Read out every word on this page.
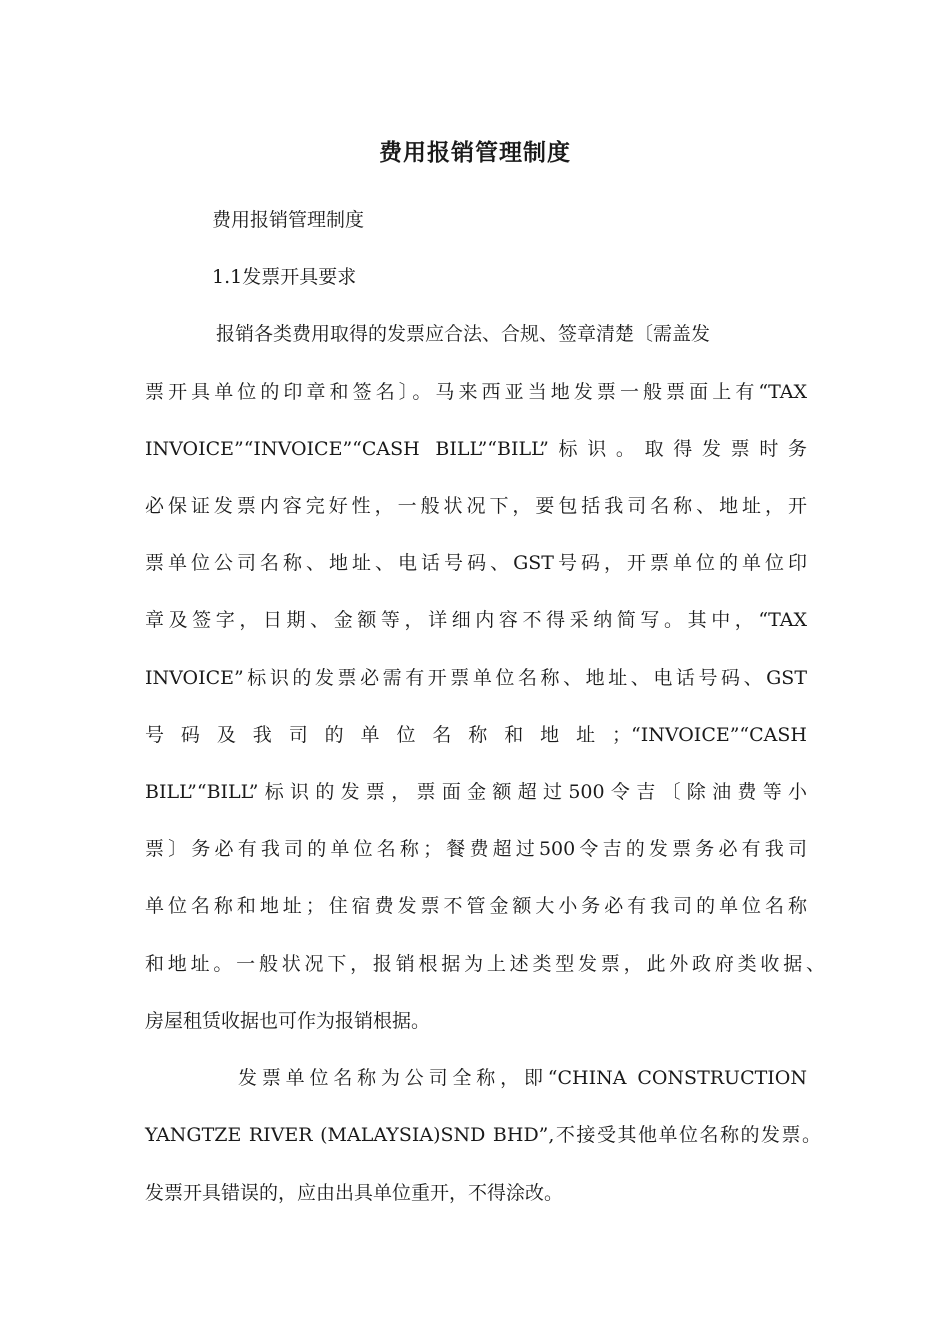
费用报销管理制度
费用报销管理制度
1.1发票开具要求
报销各类费用取得的发票应合法、合规、签章清楚〔需盖发
票开具单位的印章和签名〕。马来西亚当地发票一般票面上有“TAX
INVOICE”“INVOICE”“CASH BILL”“BILL”标识。取得发票时务
必保证发票内容完好性，一般状况下，要包括我司名称、地址，开
票单位公司名称、地址、电话号码、GST号码，开票单位的单位印
章及签字，日期、金额等，详细内容不得采纳简写。其中，“TAX
INVOICE”标识的发票必需有开票单位名称、地址、电话号码、GST
号码及我司的单位名称和地址；“INVOICE”“CASH
BILL”“BILL”标识的发票，票面金额超过500令吉〔除油费等小
票〕务必有我司的单位名称；餐费超过500令吉的发票务必有我司
单位名称和地址；住宿费发票不管金额大小务必有我司的单位名称
和地址。一般状况下，报销根据为上述类型发票，此外政府类收据、
房屋租赁收据也可作为报销根据。
发票单位名称为公司全称，即“CHINA CONSTRUCTION
YANGTZE RIVER (MALAYSIA)SND BHD”,不接受其他单位名称的发票。
发票开具错误的，应由出具单位重开，不得涂改。
